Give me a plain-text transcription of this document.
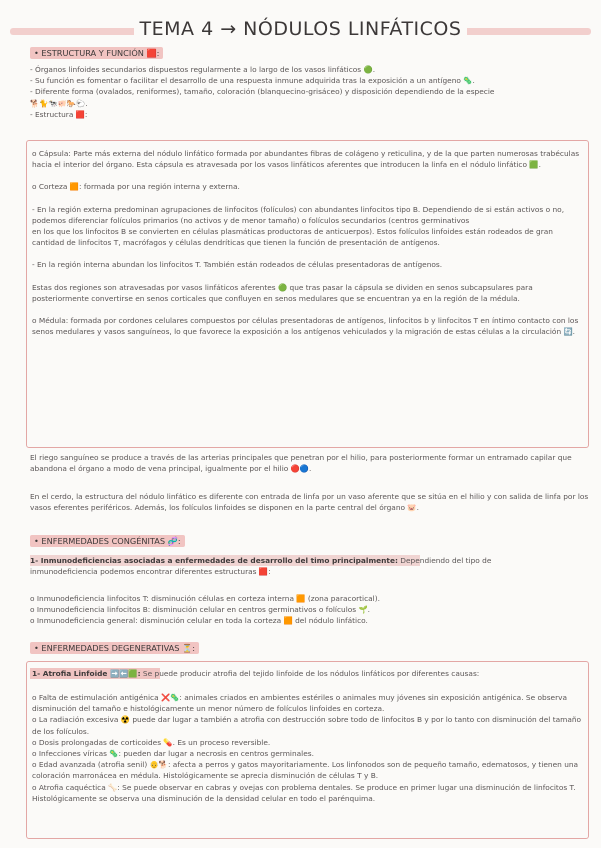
TEMA 4 → NÓDULOS LINFÁTICOS
• ESTRUCTURA Y FUNCIÓN 🟥:
- Órganos linfoides secundarios dispuestos regularmente a lo largo de los vasos linfáticos 🟢.
- Su función es fomentar o facilitar el desarrollo de una respuesta inmune adquirida tras la exposición a un antígeno 🦠.
- Diferente forma (ovalados, reniformes), tamaño, coloración (blanquecino-grisáceo) y disposición dependiendo de la especie
🐕🐈🐄🐖🐎🐑.
- Estructura 🟥:
o Cápsula: Parte más externa del nódulo linfático formada por abundantes fibras de colágeno y reticulina, y de la que parten numerosas trabéculas hacia el interior del órgano. Esta cápsula es atravesada por los vasos linfáticos aferentes que introducen la linfa en el nódulo linfático 🟩.
o Corteza 🟧: formada por una región interna y externa.
- En la región externa predominan agrupaciones de linfocitos (folículos) con abundantes linfocitos tipo B. Dependiendo de si están activos o no, podemos diferenciar folículos primarios (no activos y de menor tamaño) o folículos secundarios (centros germinativos
en los que los linfocitos B se convierten en células plasmáticas productoras de anticuerpos). Estos folículos linfoides están rodeados de gran cantidad de linfocitos T, macrófagos y células dendríticas que tienen la función de presentación de antígenos.
- En la región interna abundan los linfocitos T. También están rodeados de células presentadoras de antígenos.
Estas dos regiones son atravesadas por vasos linfáticos aferentes 🟢 que tras pasar la cápsula se dividen en senos subcapsulares para posteriormente convertirse en senos corticales que confluyen en senos medulares que se encuentran ya en la región de la médula.
o Médula: formada por cordones celulares compuestos por células presentadoras de antígenos, linfocitos b y linfocitos T en íntimo contacto con los senos medulares y vasos sanguíneos, lo que favorece la exposición a los antígenos vehiculados y la migración de estas células a la circulación 🔄.
El riego sanguíneo se produce a través de las arterias principales que penetran por el hilio, para posteriormente formar un entramado capilar que abandona el órgano a modo de vena principal, igualmente por el hilio 🔴🔵.
En el cerdo, la estructura del nódulo linfático es diferente con entrada de linfa por un vaso aferente que se sitúa en el hilio y con salida de linfa por los vasos eferentes periféricos. Además, los folículos linfoides se disponen en la parte central del órgano 🐷.
• ENFERMEDADES CONGÉNITAS 🧬:
1- Inmunodeficiencias asociadas a enfermedades de desarrollo del timo principalmente: Dependiendo del tipo de
inmunodeficiencia podemos encontrar diferentes estructuras 🟥:
o Inmunodeficiencia linfocitos T: disminución células en corteza interna 🟧 (zona paracortical).
o Inmunodeficiencia linfocitos B: disminución celular en centros germinativos o folículos 🌱.
o Inmunodeficiencia general: disminución celular en toda la corteza 🟧 del nódulo linfático.
• ENFERMEDADES DEGENERATIVAS ⏳:
1- Atrofia Linfoide ➡️⬅️🟩: Se puede producir atrofia del tejido linfoide de los nódulos linfáticos por diferentes causas:
o Falta de estimulación antigénica ❌🦠: animales criados en ambientes estériles o animales muy jóvenes sin exposición antigénica. Se observa disminución del tamaño e histológicamente un menor número de folículos linfoides en corteza.
o La radiación excesiva ☢️ puede dar lugar a también a atrofia con destrucción sobre todo de linfocitos B y por lo tanto con disminución del tamaño de los folículos.
o Dosis prolongadas de corticoides 💊. Es un proceso reversible.
o Infecciones víricas 🦠: pueden dar lugar a necrosis en centros germinales.
o Edad avanzada (atrofia senil) 👴🐕: afecta a perros y gatos mayoritariamente. Los linfonodos son de pequeño tamaño, edematosos, y tienen una coloración marronácea en médula. Histológicamente se aprecia disminución de células T y B.
o Atrofia caquéctica 🦴: Se puede observar en cabras y ovejas con problema dentales. Se produce en primer lugar una disminución de linfocitos T. Histológicamente se observa una disminución de la densidad celular en todo el parénquima.
